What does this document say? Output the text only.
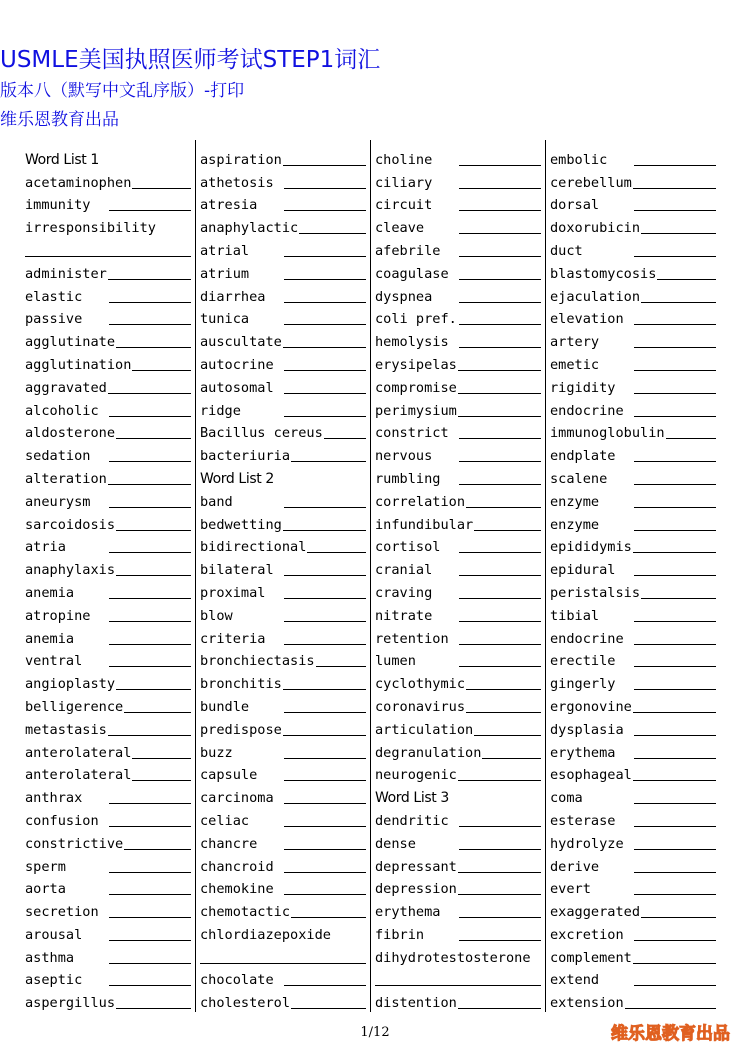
USMLE美国执照医师考试STEP1词汇
版本八（默写中文乱序版）-打印
维乐恩教育出品
Word List 1
acetaminophen
immunity
irresponsibility
administer
elastic
passive
agglutinate
agglutination
aggravated
alcoholic
aldosterone
sedation
alteration
aneurysm
sarcoidosis
atria
anaphylaxis
anemia
atropine
anemia
ventral
angioplasty
belligerence
metastasis
anterolateral
anterolateral
anthrax
confusion
constrictive
sperm
aorta
secretion
arousal
asthma
aseptic
aspergillus
aspiration
athetosis
atresia
anaphylactic
atrial
atrium
diarrhea
tunica
auscultate
autocrine
autosomal
ridge
Bacillus cereus
bacteriuria
Word List 2
band
bedwetting
bidirectional
bilateral
proximal
blow
criteria
bronchiectasis
bronchitis
bundle
predispose
buzz
capsule
carcinoma
celiac
chancre
chancroid
chemokine
chemotactic
chlordiazepoxide
chocolate
cholesterol
choline
ciliary
circuit
cleave
afebrile
coagulase
dyspnea
coli pref.
hemolysis
erysipelas
compromise
perimysium
constrict
nervous
rumbling
correlation
infundibular
cortisol
cranial
craving
nitrate
retention
lumen
cyclothymic
coronavirus
articulation
degranulation
neurogenic
Word List 3
dendritic
dense
depressant
depression
erythema
fibrin
dihydrotestosterone
distention
embolic
cerebellum
dorsal
doxorubicin
duct
blastomycosis
ejaculation
elevation
artery
emetic
rigidity
endocrine
immunoglobulin
endplate
scalene
enzyme
enzyme
epididymis
epidural
peristalsis
tibial
endocrine
erectile
gingerly
ergonovine
dysplasia
erythema
esophageal
coma
esterase
hydrolyze
derive
evert
exaggerated
excretion
complement
extend
extension
1/12	维乐恩教育出品
